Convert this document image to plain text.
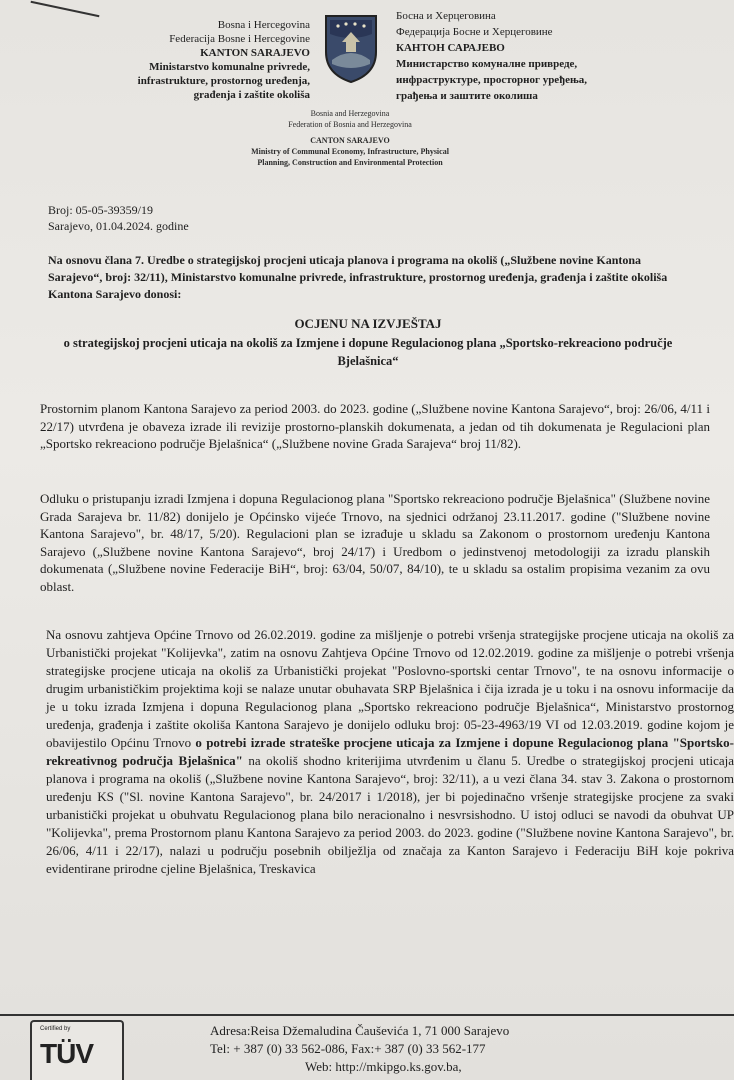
Bosna i Hercegovina
Federacija Bosne i Hercegovine
KANTON SARAJEVO
Ministarstvo komunalne privrede,
infrastrukture, prostornog uređenja,
građenja i zaštite okoliša
Босна и Херцеговина
Федерација Босне и Херцеговине
КАНТОН САРАЈЕВО
Министарство комуналне привреде,
инфраструктуре, просторног уређења,
грађења и заштите околиша
Bosnia and Herzegovina
Federation of Bosnia and Herzegovina
CANTON SARAJEVO
Ministry of Communal Economy, Infrastructure, Physical
Planning, Construction and Environmental Protection
Broj: 05-05-39359/19
Sarajevo, 01.04.2024. godine
Na osnovu člana 7. Uredbe o strategijskoj procjeni uticaja planova i programa na okoliš („Službene novine Kantona Sarajevo“, broj: 32/11), Ministarstvo komunalne privrede, infrastrukture, prostornog uređenja, građenja i zaštite okoliša Kantona Sarajevo donosi:
OCJENU NA IZVJEŠTAJ
o strategijskoj procjeni uticaja na okoliš za Izmjene i dopune Regulacionog plana „Sportsko-rekreaciono područje Bjelašnica“
Prostornim planom Kantona Sarajevo za period 2003. do 2023. godine („Službene novine Kantona Sarajevo“, broj: 26/06, 4/11 i 22/17) utvrđena je obaveza izrade ili revizije prostorno-planskih dokumenata, a jedan od tih dokumenata je Regulacioni plan „Sportsko rekreaciono područje Bjelašnica“ („Službene novine Grada Sarajeva“ broj 11/82).
Odluku o pristupanju izradi Izmjena i dopuna Regulacionog plana "Sportsko rekreaciono područje Bjelašnica" (Službene novine Grada Sarajeva br. 11/82) donijelo je Općinsko vijeće Trnovo, na sjednici održanoj 23.11.2017. godine ("Službene novine Kantona Sarajevo", br. 48/17, 5/20). Regulacioni plan se izrađuje u skladu sa Zakonom o prostornom uređenju Kantona Sarajevo („Službene novine Kantona Sarajevo“, broj 24/17) i Uredbom o jedinstvenoj metodologiji za izradu planskih dokumenata („Službene novine Federacije BiH“, broj: 63/04, 50/07, 84/10), te u skladu sa ostalim propisima vezanim za ovu oblast.
Na osnovu zahtjeva Općine Trnovo od 26.02.2019. godine za mišljenje o potrebi vršenja strategijske procjene uticaja na okoliš za Urbanistički projekat "Kolijevka", zatim na osnovu Zahtjeva Općine Trnovo od 12.02.2019. godine za mišljenje o potrebi vršenja strategijske procjene uticaja na okoliš za Urbanistički projekat "Poslovno-sportski centar Trnovo", te na osnovu informacije o drugim urbanističkim projektima koji se nalaze unutar obuhavata SRP Bjelašnica i čija izrada je u toku i na osnovu informacije da je u toku izrada Izmjena i dopuna Regulacionog plana „Sportsko rekreaciono područje Bjelašnica“, Ministarstvo prostornog uređenja, građenja i zaštite okoliša Kantona Sarajevo je donijelo odluku broj: 05-23-4963/19 VI od 12.03.2019. godine kojom je obavijestilo Općinu Trnovo o potrebi izrade strateške procjene uticaja za Izmjene i dopune Regulacionog plana "Sportsko-rekreativnog područja Bjelašnica" na okoliš shodno kriterijima utvrđenim u članu 5. Uredbe o strategijskoj procjeni uticaja planova i programa na okoliš („Službene novine Kantona Sarajevo“, broj: 32/11), a u vezi člana 34. stav 3. Zakona o prostornom uređenju KS ("Sl. novine Kantona Sarajevo", br. 24/2017 i 1/2018), jer bi pojedinačno vršenje strategijske procjene za svaki urbanistički projekat u obuhvatu Regulacionog plana bilo neracionalno i nesvrsishodno. U istoj odluci se navodi da obuhvat UP "Kolijevka", prema Prostornom planu Kantona Sarajevo za period 2003. do 2023. godine ("Službene novine Kantona Sarajevo", br. 26/06, 4/11 i 22/17), nalazi u području posebnih obilježlja od značaja za Kanton Sarajevo i Federaciju BiH koje pokriva evidentirane prirodne cjeline Bjelašnica, Treskavica
Certified by
TÜV
Adresa:Reisa Džemaludina Čauševića 1, 71 000 Sarajevo
Tel: + 387 (0) 33 562-086, Fax:+ 387 (0) 33 562-177
Web: http://mkipgo.ks.gov.ba,
